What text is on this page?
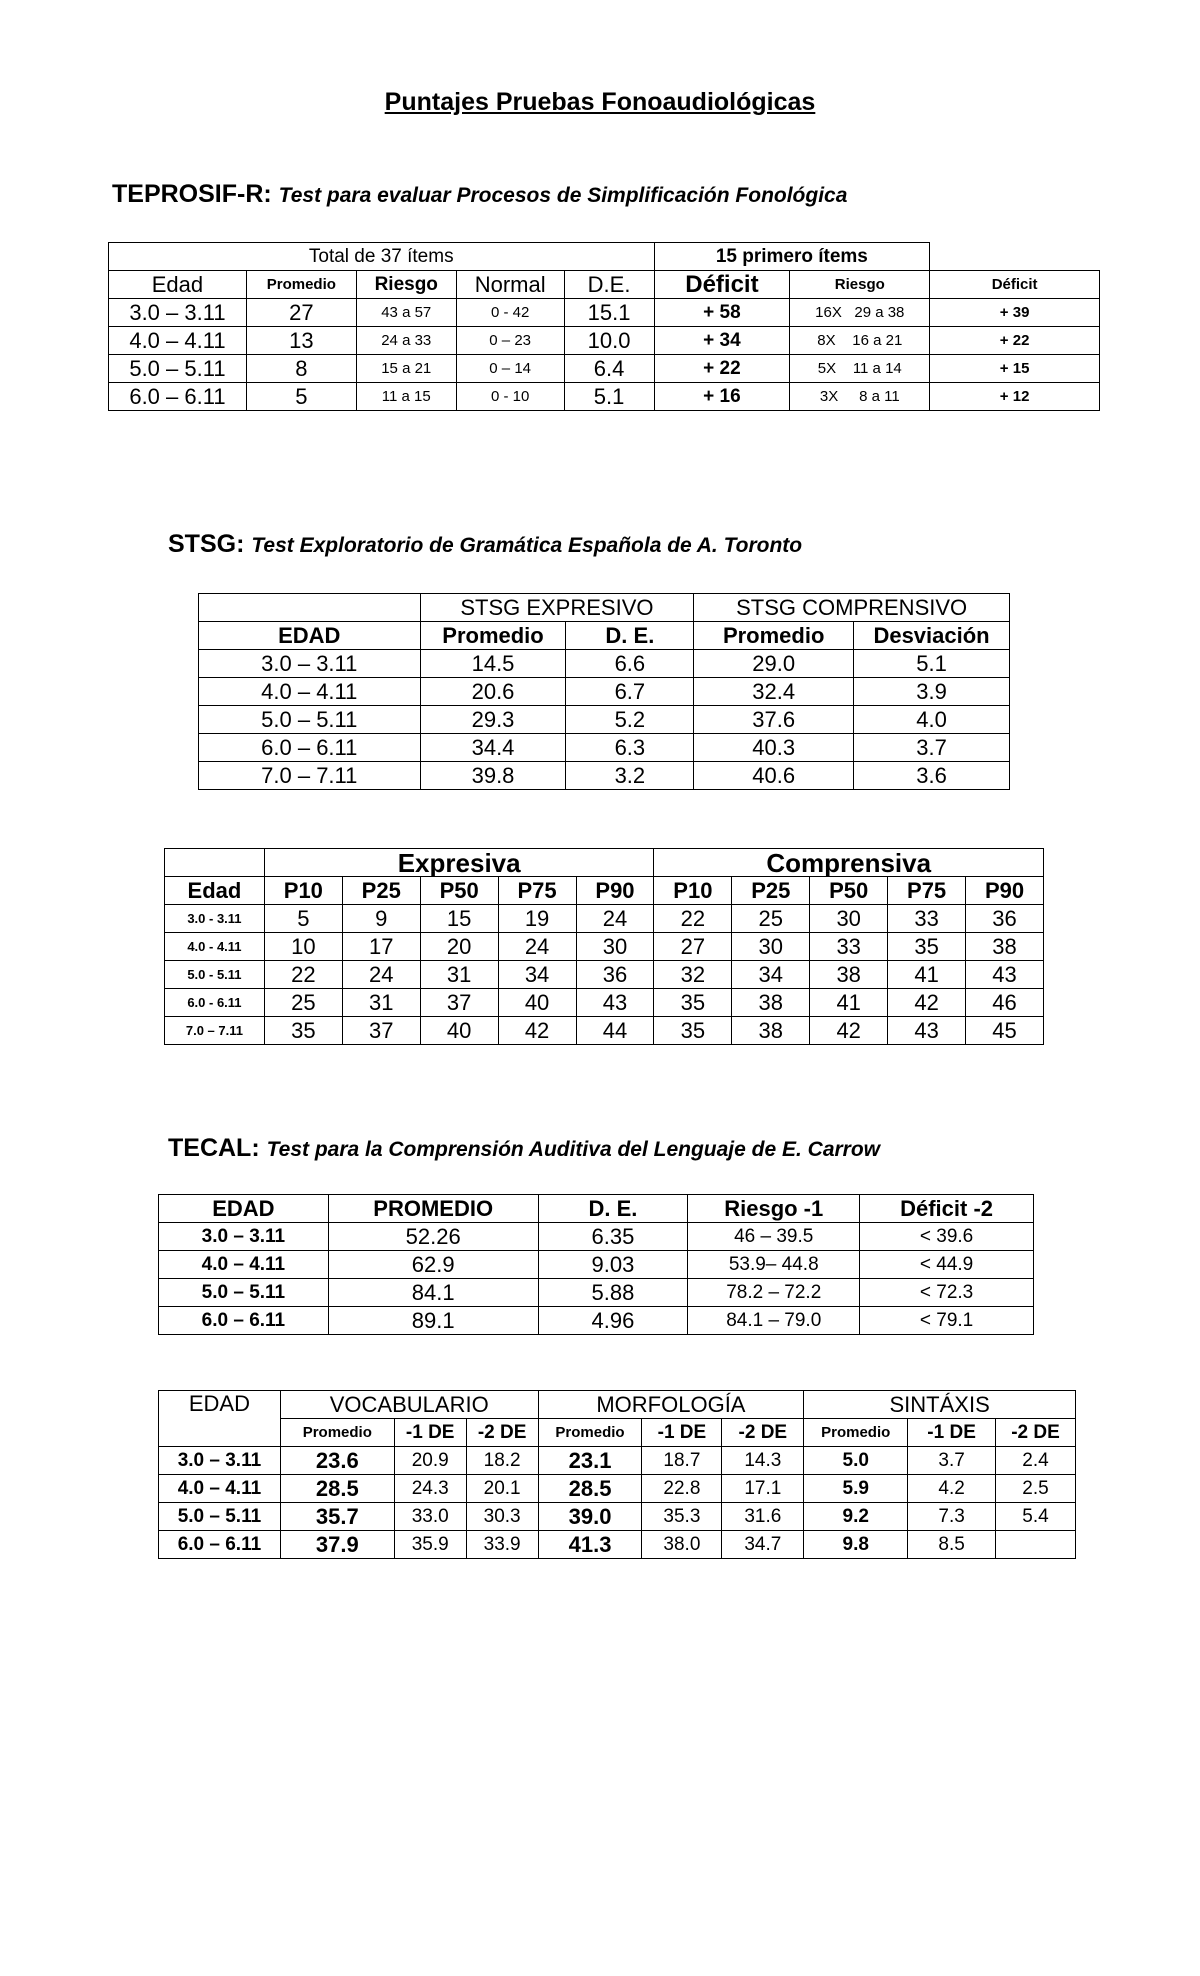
Puntajes Pruebas Fonoaudiológicas
TEPROSIF-R: Test para evaluar Procesos de Simplificación Fonológica
Total de 37 ítems					15 primero ítems		
Edad	Promedio	Riesgo	Normal	D.E.	Déficit	Riesgo	Déficit
3.0 – 3.11	27	43 a 57	0 - 42	15.1	+ 58	16X   29 a 38	+ 39
4.0 – 4.11	13	24 a 33	0 – 23	10.0	+ 34	8X    16 a 21	+ 22
5.0 – 5.11	8	15 a 21	0 – 14	6.4	+ 22	5X    11 a 14	+ 15
6.0 – 6.11	5	11 a 15	0 - 10	5.1	+ 16	3X     8 a 11	+ 12
STSG: Test Exploratorio de Gramática Española de A. Toronto
	STSG EXPRESIVO		STSG COMPRENSIVO	
EDAD	Promedio	D. E.	Promedio	Desviación
3.0 – 3.11	14.5	6.6	29.0	5.1
4.0 – 4.11	20.6	6.7	32.4	3.9
5.0 – 5.11	29.3	5.2	37.6	4.0
6.0 – 6.11	34.4	6.3	40.3	3.7
7.0 – 7.11	39.8	3.2	40.6	3.6
	Expresiva					Comprensiva				
Edad	P10	P25	P50	P75	P90	P10	P25	P50	P75	P90
3.0 - 3.11	5	9	15	19	24	22	25	30	33	36
4.0 - 4.11	10	17	20	24	30	27	30	33	35	38
5.0 - 5.11	22	24	31	34	36	32	34	38	41	43
6.0 - 6.11	25	31	37	40	43	35	38	41	42	46
7.0 – 7.11	35	37	40	42	44	35	38	42	43	45
TECAL: Test para la Comprensión Auditiva del Lenguaje de E. Carrow
EDAD	PROMEDIO	D. E.	Riesgo -1	Déficit -2
3.0 – 3.11	52.26	6.35	46 – 39.5	< 39.6
4.0 – 4.11	62.9	9.03	53.9– 44.8	< 44.9
5.0 – 5.11	84.1	5.88	78.2 – 72.2	< 72.3
6.0 – 6.11	89.1	4.96	84.1 – 79.0	< 79.1
EDAD	VOCABULARIO			MORFOLOGÍA			SINTÁXIS		
	Promedio	-1 DE	-2 DE	Promedio	-1 DE	-2 DE	Promedio	-1 DE	-2 DE
3.0 – 3.11	23.6	20.9	18.2	23.1	18.7	14.3	5.0	3.7	2.4
4.0 – 4.11	28.5	24.3	20.1	28.5	22.8	17.1	5.9	4.2	2.5
5.0 – 5.11	35.7	33.0	30.3	39.0	35.3	31.6	9.2	7.3	5.4
6.0 – 6.11	37.9	35.9	33.9	41.3	38.0	34.7	9.8	8.5	
